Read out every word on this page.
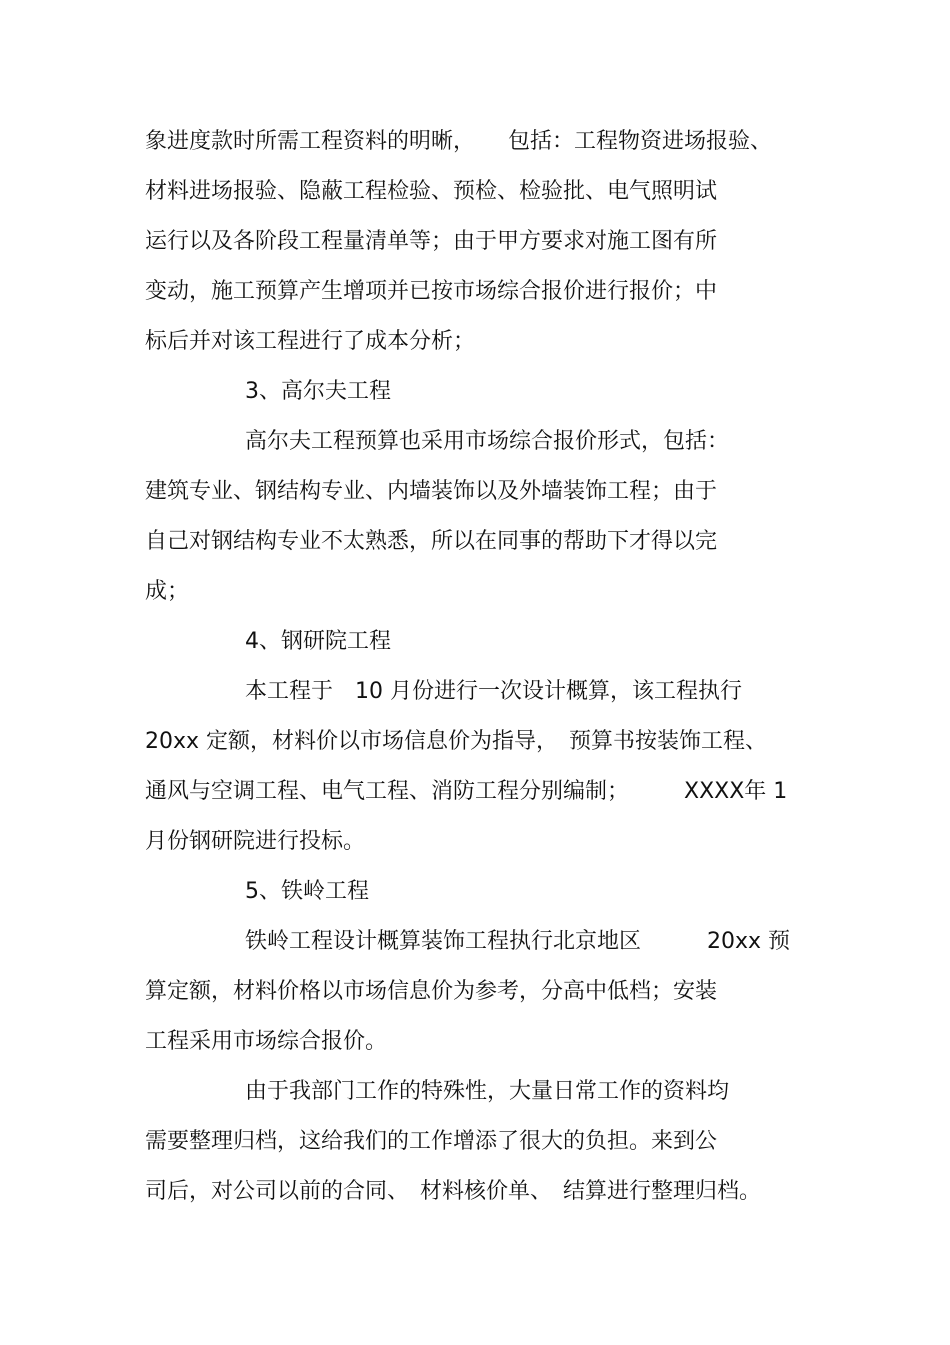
象进度款时所需工程资料的明晰，　　包括：工程物资进场报验、
材料进场报验、隐蔽工程检验、预检、检验批、电气照明试
运行以及各阶段工程量清单等；由于甲方要求对施工图有所
变动，施工预算产生增项并已按市场综合报价进行报价；中
标后并对该工程进行了成本分析；
3、高尔夫工程
高尔夫工程预算也采用市场综合报价形式，包括：
建筑专业、钢结构专业、内墙装饰以及外墙装饰工程；由于
自己对钢结构专业不太熟悉，所以在同事的帮助下才得以完
成；
4、钢研院工程
本工程于　10 月份进行一次设计概算，该工程执行
20xx 定额，材料价以市场信息价为指导，　预算书按装饰工程、
通风与空调工程、电气工程、消防工程分别编制；　　　XXXX年 1
月份钢研院进行投标。
5、铁岭工程
铁岭工程设计概算装饰工程执行北京地区　　　20xx 预
算定额，材料价格以市场信息价为参考，分高中低档；安装
工程采用市场综合报价。
由于我部门工作的特殊性，大量日常工作的资料均
需要整理归档，这给我们的工作增添了很大的负担。来到公
司后，对公司以前的合同、　材料核价单、　结算进行整理归档。
